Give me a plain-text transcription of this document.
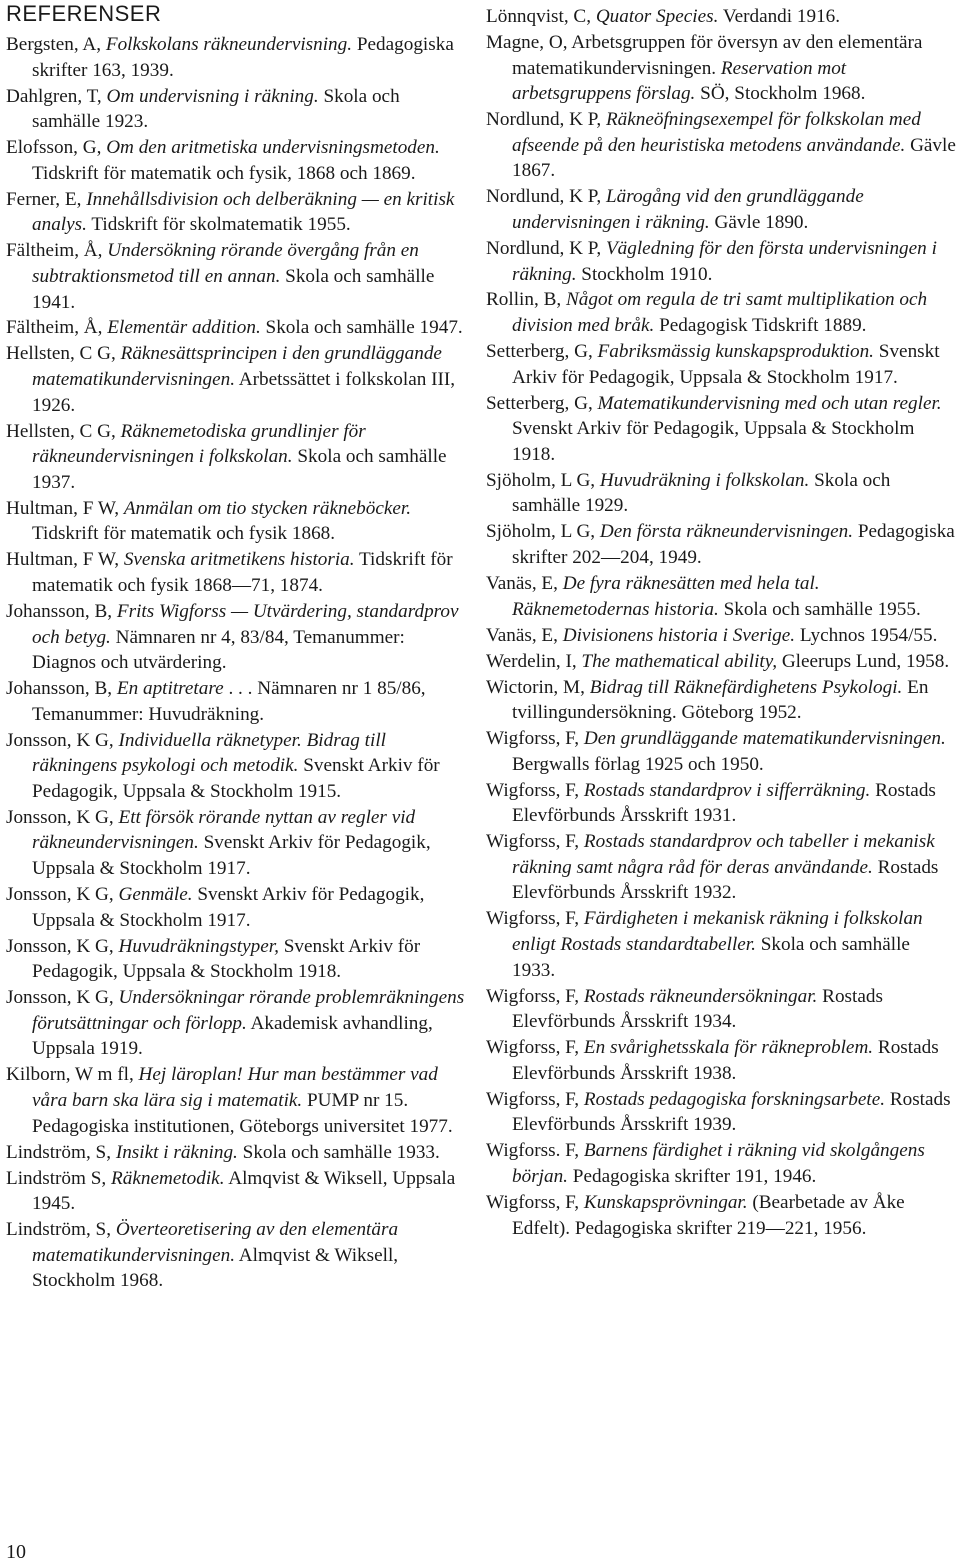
REFERENSER
Bergsten, A, Folkskolans räkneundervisning. Pedagogiska skrifter 163, 1939.
Dahlgren, T, Om undervisning i räkning. Skola och samhälle 1923.
Elofsson, G, Om den aritmetiska undervisningsmetoden. Tidskrift för matematik och fysik, 1868 och 1869.
Ferner, E, Innehållsdivision och delberäkning — en kritisk analys. Tidskrift för skolmatematik 1955.
Fältheim, Å, Undersökning rörande övergång från en subtraktionsmetod till en annan. Skola och samhälle 1941.
Fältheim, Å, Elementär addition. Skola och samhälle 1947.
Hellsten, C G, Räknesättsprincipen i den grundläggande matematikundervisningen. Arbetssättet i folkskolan III, 1926.
Hellsten, C G, Räknemetodiska grundlinjer för räkneundervisningen i folkskolan. Skola och samhälle 1937.
Hultman, F W, Anmälan om tio stycken räkneböcker. Tidskrift för matematik och fysik 1868.
Hultman, F W, Svenska aritmetikens historia. Tidskrift för matematik och fysik 1868—71, 1874.
Johansson, B, Frits Wigforss — Utvärdering, standardprov och betyg. Nämnaren nr 4, 83/84, Temanummer: Diagnos och utvärdering.
Johansson, B, En aptitretare . . . Nämnaren nr 1 85/86, Temanummer: Huvudräkning.
Jonsson, K G, Individuella räknetyper. Bidrag till räkningens psykologi och metodik. Svenskt Arkiv för Pedagogik, Uppsala & Stockholm 1915.
Jonsson, K G, Ett försök rörande nyttan av regler vid räkneundervisningen. Svenskt Arkiv för Pedagogik, Uppsala & Stockholm 1917.
Jonsson, K G, Genmäle. Svenskt Arkiv för Pedagogik, Uppsala & Stockholm 1917.
Jonsson, K G, Huvudräkningstyper, Svenskt Arkiv för Pedagogik, Uppsala & Stockholm 1918.
Jonsson, K G, Undersökningar rörande problemräkningens förutsättningar och förlopp. Akademisk avhandling, Uppsala 1919.
Kilborn, W m fl, Hej läroplan! Hur man bestämmer vad våra barn ska lära sig i matematik. PUMP nr 15. Pedagogiska institutionen, Göteborgs universitet 1977.
Lindström, S, Insikt i räkning. Skola och samhälle 1933.
Lindström S, Räknemetodik. Almqvist & Wiksell, Uppsala 1945.
Lindström, S, Överteoretisering av den elementära matematikundervisningen. Almqvist & Wiksell, Stockholm 1968.
Lönnqvist, C, Quator Species. Verdandi 1916.
Magne, O, Arbetsgruppen för översyn av den elementära matematikundervisningen. Reservation mot arbetsgruppens förslag. SÖ, Stockholm 1968.
Nordlund, K P, Räkneöfningsexempel för folkskolan med afseende på den heuristiska metodens användande. Gävle 1867.
Nordlund, K P, Lärogång vid den grundläggande undervisningen i räkning. Gävle 1890.
Nordlund, K P, Vägledning för den första undervisningen i räkning. Stockholm 1910.
Rollin, B, Något om regula de tri samt multiplikation och division med bråk. Pedagogisk Tidskrift 1889.
Setterberg, G, Fabriksmässig kunskapsproduktion. Svenskt Arkiv för Pedagogik, Uppsala & Stockholm 1917.
Setterberg, G, Matematikundervisning med och utan regler. Svenskt Arkiv för Pedagogik, Uppsala & Stockholm 1918.
Sjöholm, L G, Huvudräkning i folkskolan. Skola och samhälle 1929.
Sjöholm, L G, Den första räkneundervisningen. Pedagogiska skrifter 202—204, 1949.
Vanäs, E, De fyra räknesätten med hela tal. Räknemetodernas historia. Skola och samhälle 1955.
Vanäs, E, Divisionens historia i Sverige. Lychnos 1954/55.
Werdelin, I, The mathematical ability, Gleerups Lund, 1958.
Wictorin, M, Bidrag till Räknefärdighetens Psykologi. En tvillingundersökning. Göteborg 1952.
Wigforss, F, Den grundläggande matematikundervisningen. Bergwalls förlag 1925 och 1950.
Wigforss, F, Rostads standardprov i sifferräkning. Rostads Elevförbunds Årsskrift 1931.
Wigforss, F, Rostads standardprov och tabeller i mekanisk räkning samt några råd för deras användande. Rostads Elevförbunds Årsskrift 1932.
Wigforss, F, Färdigheten i mekanisk räkning i folkskolan enligt Rostads standardtabeller. Skola och samhälle 1933.
Wigforss, F, Rostads räkneundersökningar. Rostads Elevförbunds Årsskrift 1934.
Wigforss, F, En svårighetsskala för räkneproblem. Rostads Elevförbunds Årsskrift 1938.
Wigforss, F, Rostads pedagogiska forskningsarbete. Rostads Elevförbunds Årsskrift 1939.
Wigforss. F, Barnens färdighet i räkning vid skolgångens början. Pedagogiska skrifter 191, 1946.
Wigforss, F, Kunskapsprövningar. (Bearbetade av Åke Edfelt). Pedagogiska skrifter 219—221, 1956.
10
